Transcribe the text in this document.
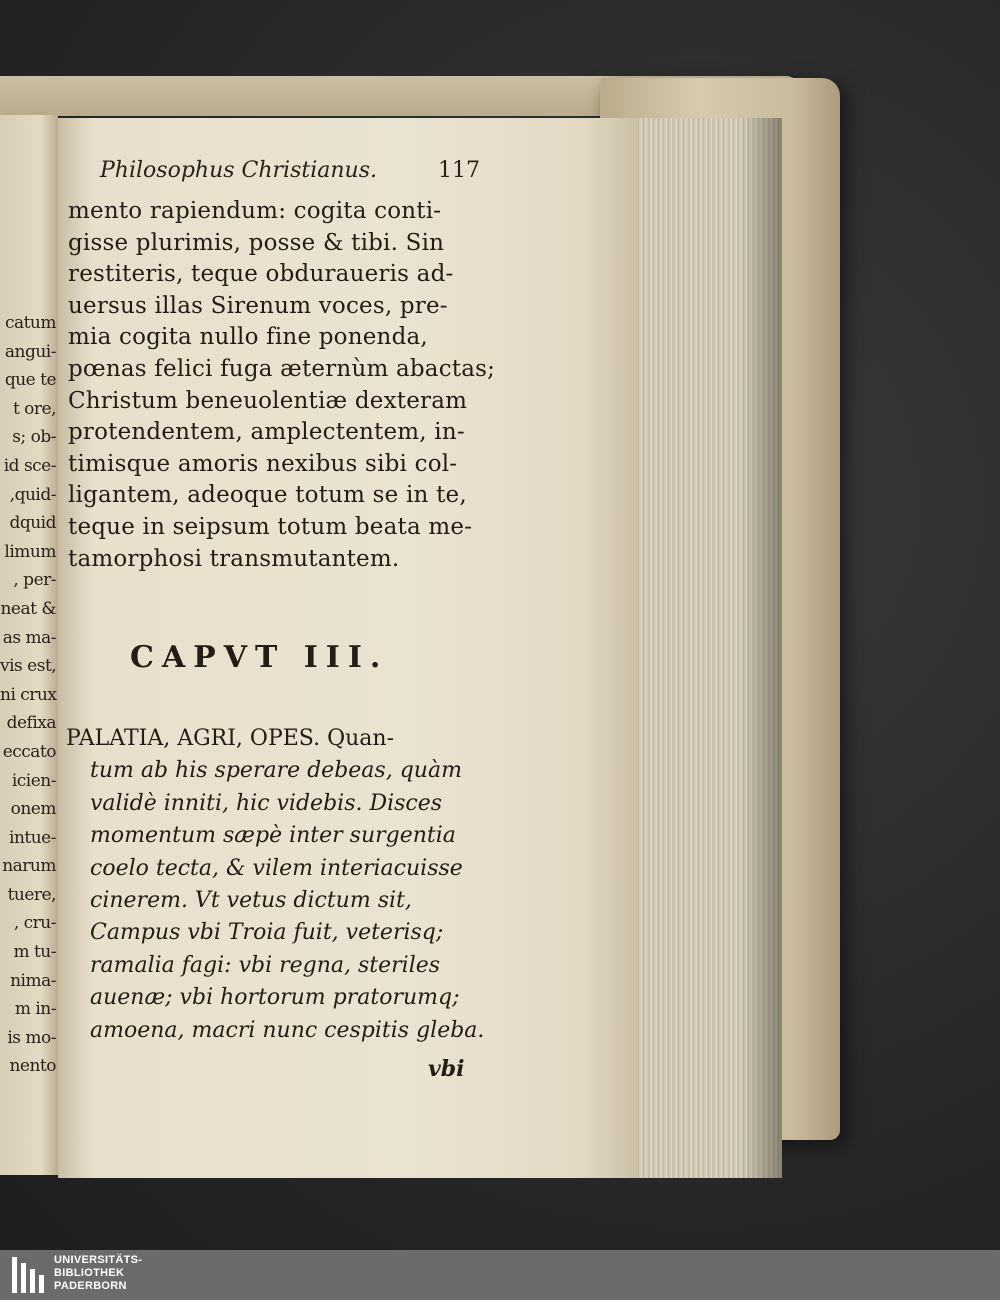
catum
angui-
que te
t ore,
s; ob-
id sce-
,quid-
dquid
limum
, per-
neat &
as ma-
vis est,
ni crux
defixa
eccato
icien-
onem
intue-
narum
tuere,
, cru-
m tu-
nima-
m in-
is mo-
nento
Philosophus Christianus.	117
mento rapiendum: cogita conti-
gisse plurimis, posse & tibi. Sin
restiteris, teque obduraueris ad-
uersus illas Sirenum voces, pre-
mia cogita nullo fine ponenda,
pœnas felici fuga æternùm abactas;
Christum beneuolentiæ dexteram
protendentem, amplectentem, in-
timisque amoris nexibus sibi col-
ligantem, adeoque totum se in te,
teque in seipsum totum beata me-
tamorphosi transmutantem.
CAPVT III.
PALATIA, AGRI, OPES. Quan-
tum ab his sperare debeas, quàm
validè inniti, hic videbis. Disces
momentum sæpè inter surgentia
coelo tecta, & vilem interiacuisse
cinerem. Vt vetus dictum sit,
Campus vbi Troia fuit, veterisq;
ramalia fagi: vbi regna, steriles
auenæ; vbi hortorum pratorumq;
amoena, macri nunc cespitis gleba.
vbi
UNIVERSITÄTS-
BIBLIOTHEK
PADERBORN
